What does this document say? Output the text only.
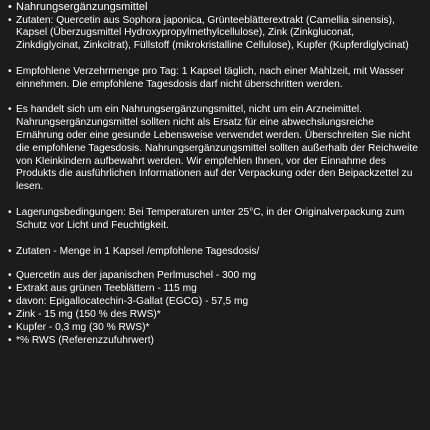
• Nahrungsergänzungsmittel
• Zutaten: Quercetin aus Sophora japonica, Grünteeblätterextrakt (Camellia sinensis), Kapsel (Überzugsmittel Hydroxypropylmethylcellulose), Zink (Zinkgluconat, Zinkdiglycinat, Zinkcitrat), Füllstoff (mikrokristalline Cellulose), Kupfer (Kupferdiglycinat)
• Empfohlene Verzehrmenge pro Tag: 1 Kapsel täglich, nach einer Mahlzeit, mit Wasser einnehmen. Die empfohlene Tagesdosis darf nicht überschritten werden.
• Es handelt sich um ein Nahrungsergänzungsmittel, nicht um ein Arzneimittel. Nahrungsergänzungsmittel sollten nicht als Ersatz für eine abwechslungsreiche Ernährung oder eine gesunde Lebensweise verwendet werden. Überschreiten Sie nicht die empfohlene Tagesdosis. Nahrungsergänzungsmittel sollten außerhalb der Reichweite von Kleinkindern aufbewahrt werden. Wir empfehlen Ihnen, vor der Einnahme des Produkts die ausführlichen Informationen auf der Verpackung oder den Beipackzettel zu lesen.
• Lagerungsbedingungen: Bei Temperaturen unter 25°C, in der Originalverpackung zum Schutz vor Licht und Feuchtigkeit.
• Zutaten - Menge in 1 Kapsel /empfohlene Tagesdosis/
• Quercetin aus der japanischen Perlmuschel - 300 mg
• Extrakt aus grünen Teeblättern - 115 mg
• davon: Epigallocatechin-3-Gallat (EGCG) - 57,5 mg
• Zink - 15 mg (150 % des RWS)*
• Kupfer - 0,3 mg (30 % RWS)*
• *% RWS (Referenzzufuhrwert)
